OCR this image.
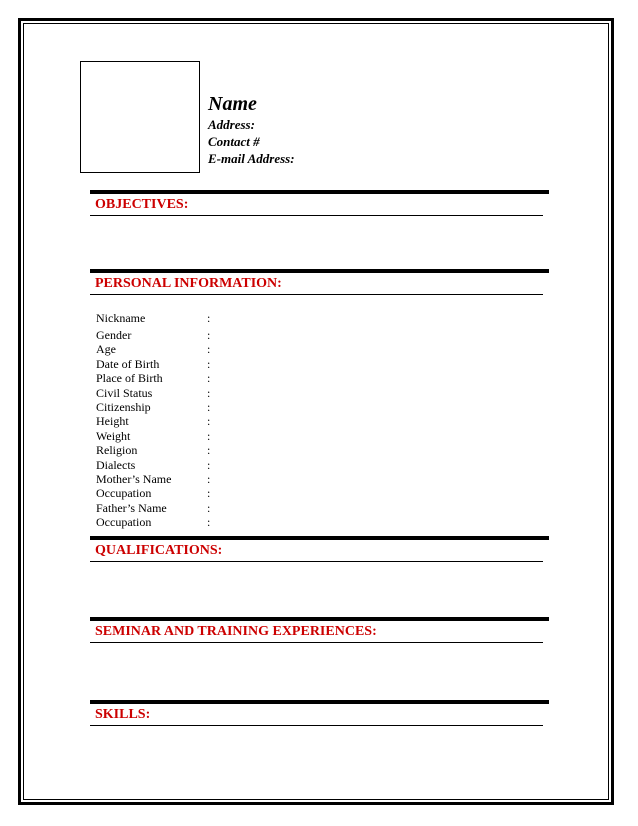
Name

Address:

Contact #

E-mail Address:

OBJECTIVES:
PERSONAL INFORMATION:
Nickname	:
Gender	:
Age	:
Date of Birth	:
Place of Birth	:
Civil Status	:
Citizenship	:
Height	:
Weight	:
Religion	:
Dialects	:
Mother’s Name	:
Occupation	:
Father’s Name	:
Occupation	:
QUALIFICATIONS:
SEMINAR AND TRAINING EXPERIENCES:
SKILLS:
